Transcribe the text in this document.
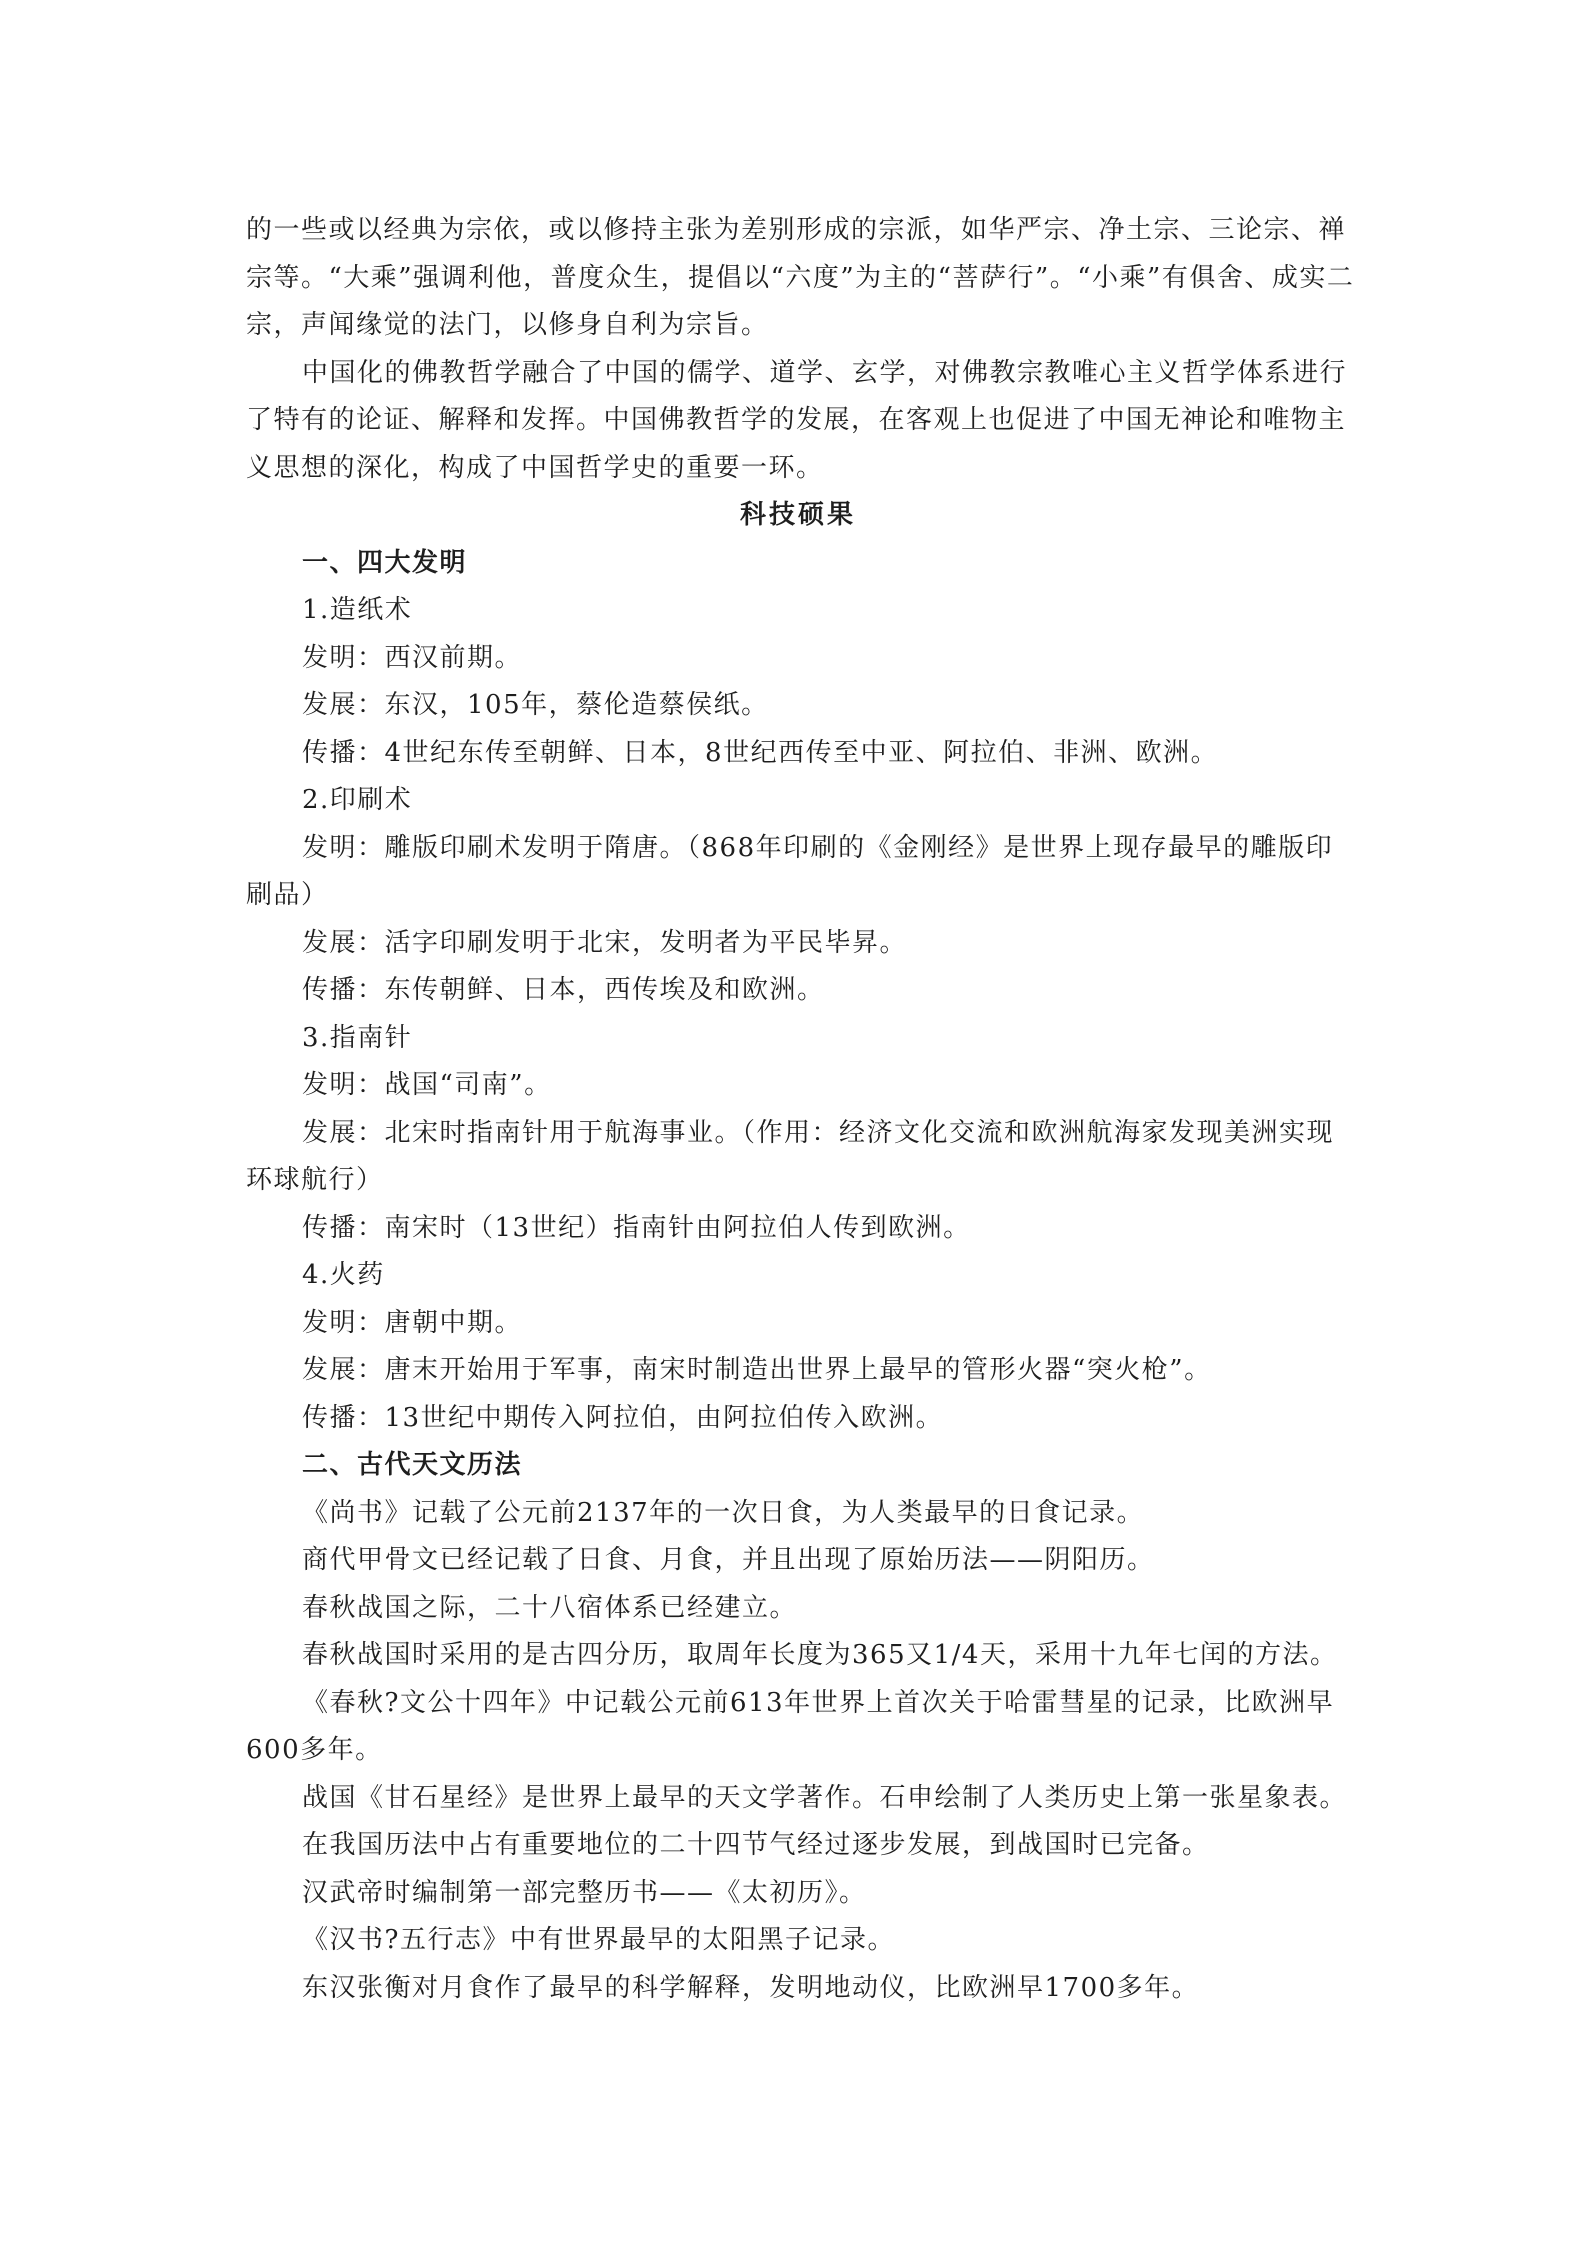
的一些或以经典为宗依，或以修持主张为差别形成的宗派，如华严宗、净土宗、三论宗、禅

宗等。“大乘”强调利他，普度众生，提倡以“六度”为主的“菩萨行”。“小乘”有俱舍、成实二

宗，声闻缘觉的法门，以修身自利为宗旨。

中国化的佛教哲学融合了中国的儒学、道学、玄学，对佛教宗教唯心主义哲学体系进行

了特有的论证、解释和发挥。中国佛教哲学的发展，在客观上也促进了中国无神论和唯物主

义思想的深化，构成了中国哲学史的重要一环。

科技硕果

一、四大发明

1.造纸术

发明：西汉前期。

发展：东汉，105年，蔡伦造蔡侯纸。

传播：4世纪东传至朝鲜、日本，8世纪西传至中亚、阿拉伯、非洲、欧洲。

2.印刷术

发明：雕版印刷术发明于隋唐。（868年印刷的《金刚经》是世界上现存最早的雕版印

刷品）

发展：活字印刷发明于北宋，发明者为平民毕昇。

传播：东传朝鲜、日本，西传埃及和欧洲。

3.指南针

发明：战国“司南”。

发展：北宋时指南针用于航海事业。（作用：经济文化交流和欧洲航海家发现美洲实现

环球航行）

传播：南宋时（13世纪）指南针由阿拉伯人传到欧洲。

4.火药

发明：唐朝中期。

发展：唐末开始用于军事，南宋时制造出世界上最早的管形火器“突火枪”。

传播：13世纪中期传入阿拉伯，由阿拉伯传入欧洲。

二、古代天文历法

《尚书》记载了公元前2137年的一次日食，为人类最早的日食记录。

商代甲骨文已经记载了日食、月食，并且出现了原始历法——阴阳历。

春秋战国之际，二十八宿体系已经建立。

春秋战国时采用的是古四分历，取周年长度为365又1/4天，采用十九年七闰的方法。

《春秋?文公十四年》中记载公元前613年世界上首次关于哈雷彗星的记录，比欧洲早

600多年。

战国《甘石星经》是世界上最早的天文学著作。石申绘制了人类历史上第一张星象表。

在我国历法中占有重要地位的二十四节气经过逐步发展，到战国时已完备。

汉武帝时编制第一部完整历书——《太初历》。

《汉书?五行志》中有世界最早的太阳黑子记录。

东汉张衡对月食作了最早的科学解释，发明地动仪，比欧洲早1700多年。
